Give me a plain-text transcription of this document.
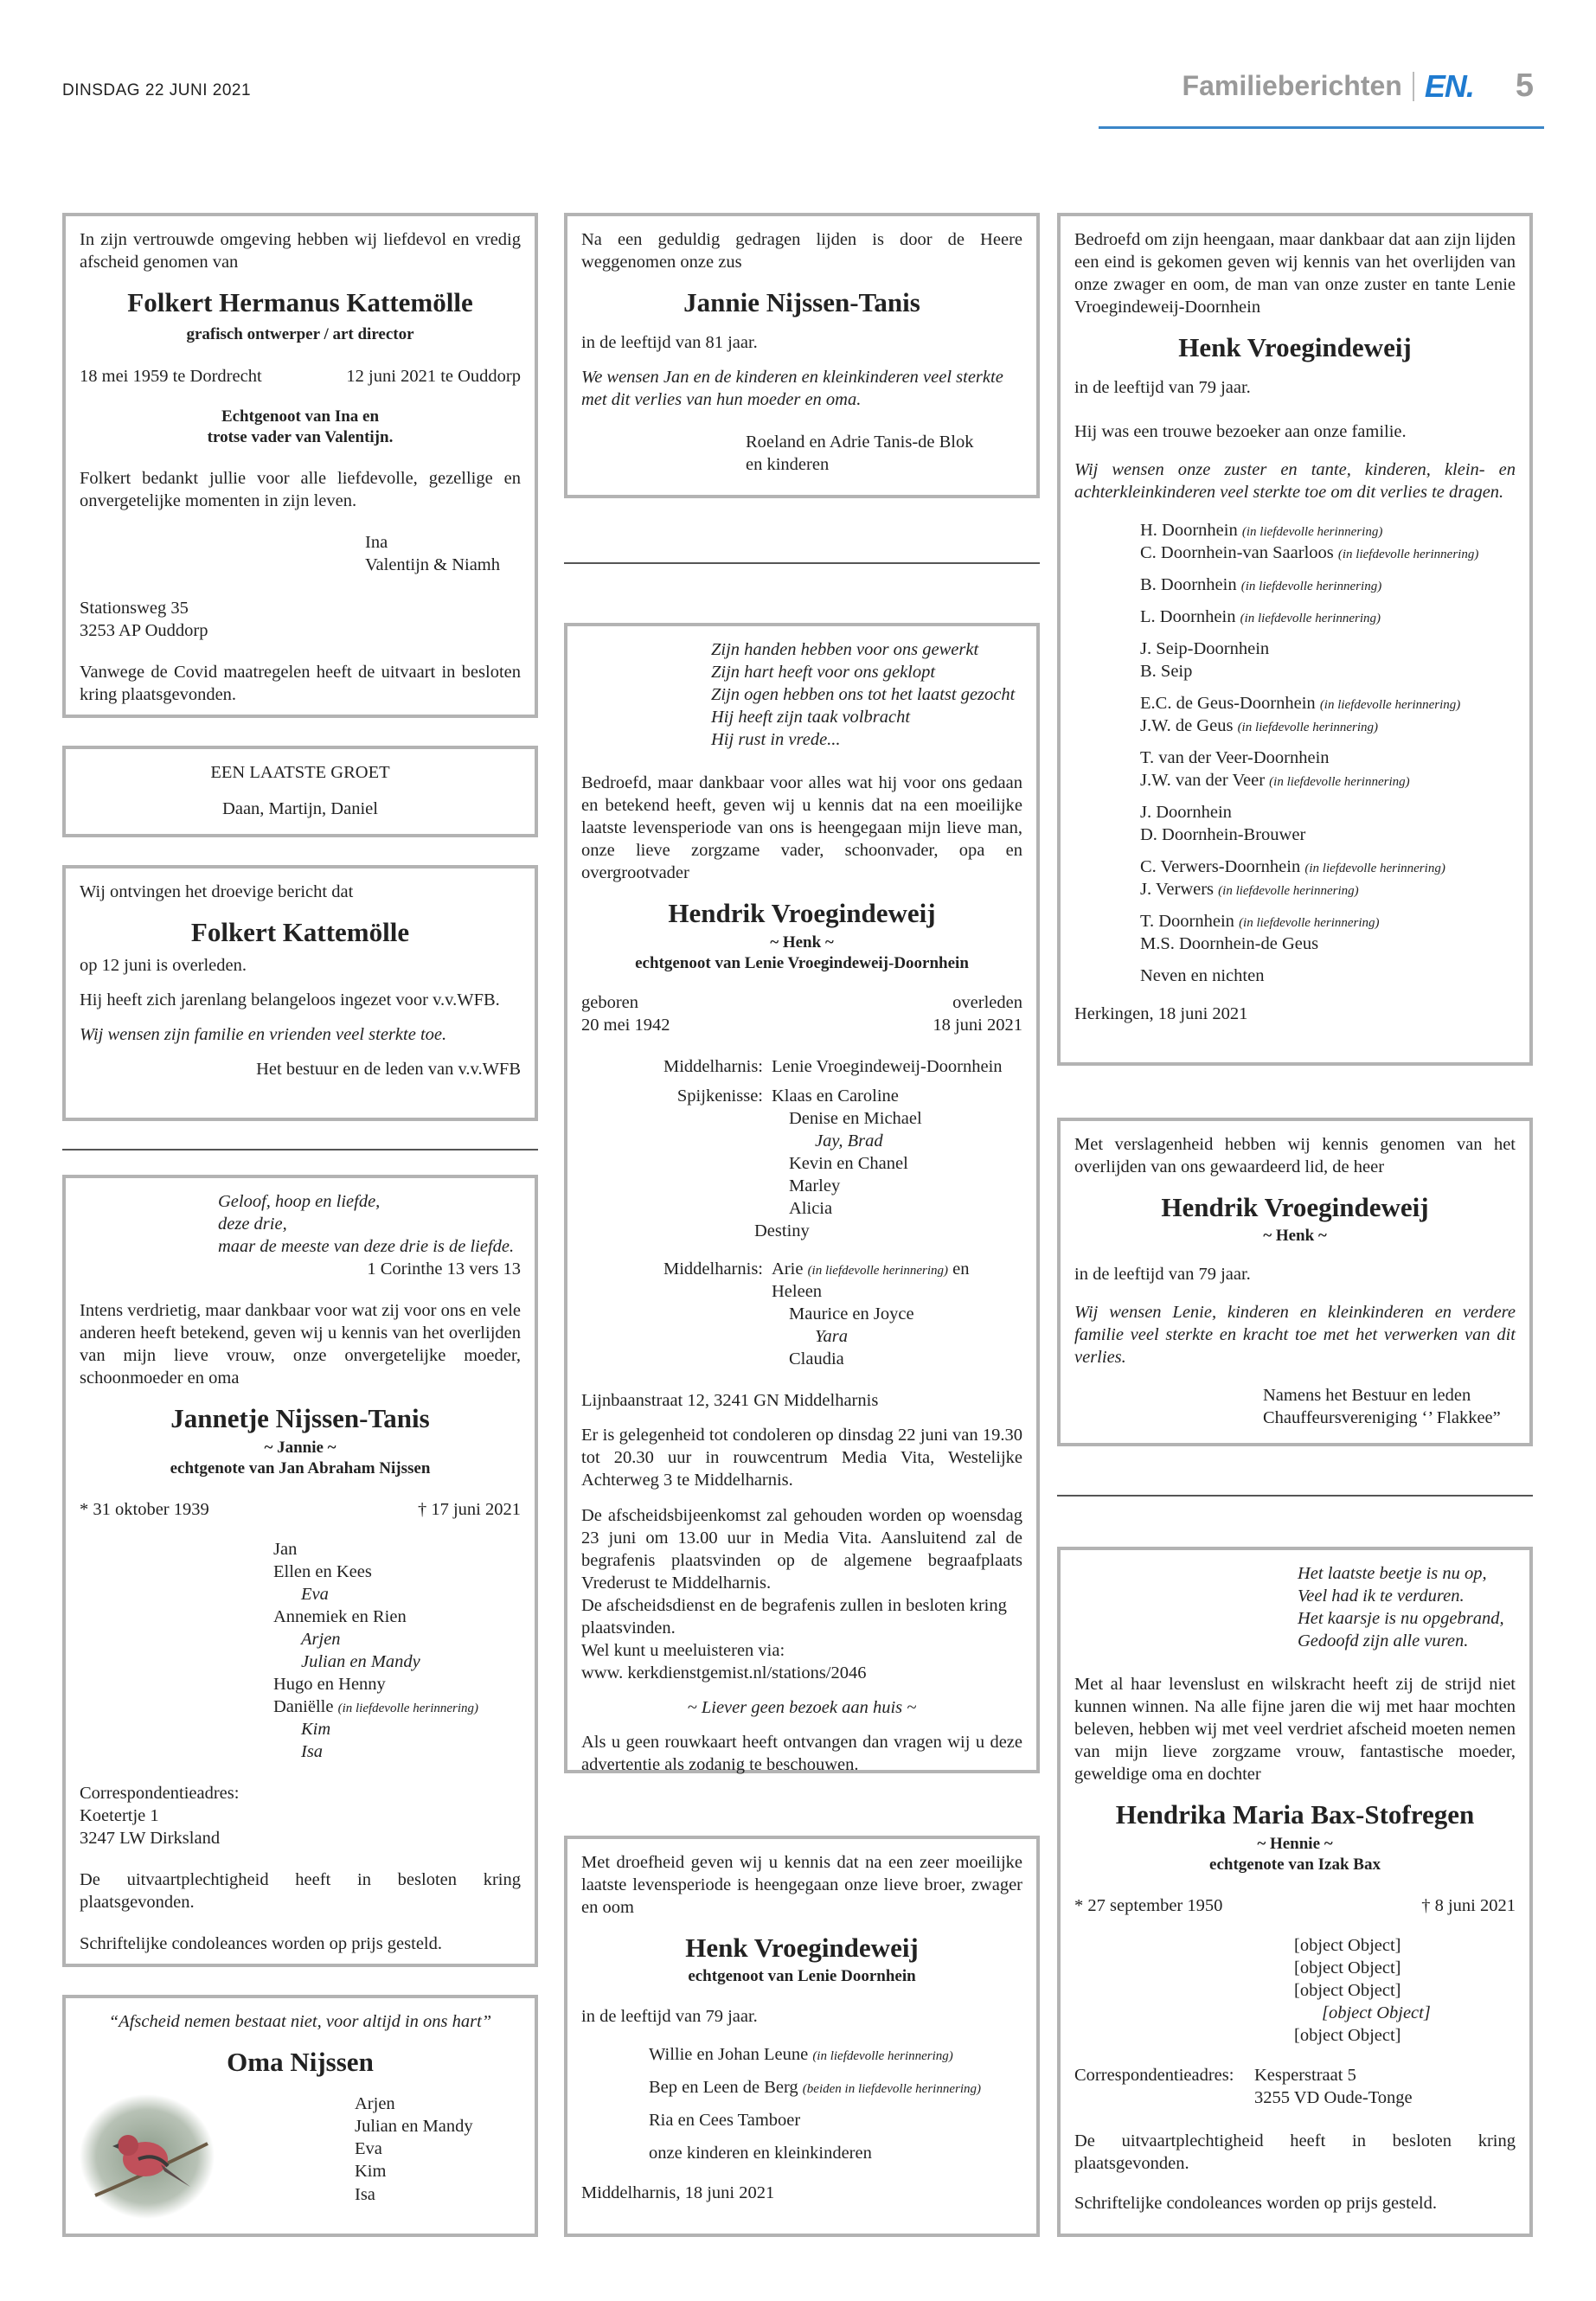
DINSDAG 22 JUNI 2021	Familieberichten EN. 5

In zijn vertrouwde omgeving hebben wij liefdevol en vredig afscheid genomen van

Folkert Hermanus Kattemölle
grafisch ontwerper / art director
18 mei 1959 te Dordrecht	12 juni 2021 te Ouddorp
Echtgenoot van Ina en
trotse vader van Valentijn.

Folkert bedankt jullie voor alle liefdevolle, gezellige en onvergetelijke momenten in zijn leven.

Ina
Valentijn & Niamh
Stationsweg 35
3253 AP Ouddorp

Vanwege de Covid maatregelen heeft de uitvaart in besloten kring plaatsgevonden.

EEN LAATSTE GROET
Daan, Martijn, Daniel

Wij ontvingen het droevige bericht dat

Folkert Kattemölle

op 12 juni is overleden.

Hij heeft zich jarenlang belangeloos ingezet voor v.v.WFB.

Wij wensen zijn familie en vrienden veel sterkte toe.

Het bestuur en de leden van v.v.WFB
Geloof, hoop en liefde,
deze drie,
maar de meeste van deze drie is de liefde.
1 Corinthe 13 vers 13

Intens verdrietig, maar dankbaar voor wat zij voor ons en vele anderen heeft betekend, geven wij u kennis van het overlijden van mijn lieve vrouw, onze onvergetelijke moeder, schoonmoeder en oma

Jannetje Nijssen-Tanis
~ Jannie ~
echtgenote van Jan Abraham Nijssen
* 31 oktober 1939	† 17 juni 2021
Jan
Ellen en Kees
Eva
Annemiek en Rien
Arjen
Julian en Mandy
Hugo en Henny
Daniëlle (in liefdevolle herinnering)
Kim
Isa
Correspondentieadres:
Koetertje 1
3247 LW Dirksland

De uitvaartplechtigheid heeft in besloten kring plaatsgevonden.

Schriftelijke condoleances worden op prijs gesteld.

“Afscheid nemen bestaat niet, voor altijd in ons hart”
Oma Nijssen
Arjen
Julian en Mandy
Eva
Kim
Isa

Na een geduldig gedragen lijden is door de Heere weggenomen onze zus

Jannie Nijssen-Tanis

in de leeftijd van 81 jaar.

We wensen Jan en de kinderen en kleinkinderen veel sterkte met dit verlies van hun moeder en oma.

Roeland en Adrie Tanis-de Blok
en kinderen
Zijn handen hebben voor ons gewerkt
Zijn hart heeft voor ons geklopt
Zijn ogen hebben ons tot het laatst gezocht
Hij heeft zijn taak volbracht
Hij rust in vrede...

Bedroefd, maar dankbaar voor alles wat hij voor ons gedaan en betekend heeft, geven wij u kennis dat na een moeilijke laatste levensperiode van ons is heengegaan mijn lieve man, onze lieve zorgzame vader, schoonvader, opa en overgrootvader

Hendrik Vroegindeweij
~ Henk ~
echtgenoot van Lenie Vroegindeweij-Doornhein
geboren	overleden
20 mei 1942	18 juni 2021
Middelharnis: Lenie Vroegindeweij-Doornhein
Spijkenisse: Klaas en Caroline
Denise en Michael
Jay, Brad
Kevin en Chanel
Marley
Alicia
Destiny
Middelharnis: Arie (in liefdevolle herinnering) en Heleen
Maurice en Joyce
Yara
Claudia

Lijnbaanstraat 12, 3241 GN Middelharnis

Er is gelegenheid tot condoleren op dinsdag 22 juni van 19.30 tot 20.30 uur in rouwcentrum Media Vita, Westelijke Achterweg 3 te Middelharnis.

De afscheidsbijeenkomst zal gehouden worden op woensdag 23 juni om 13.00 uur in Media Vita. Aansluitend zal de begrafenis plaatsvinden op de algemene begraafplaats Vrederust te Middelharnis.
De afscheidsdienst en de begrafenis zullen in besloten kring plaatsvinden.
Wel kunt u meeluisteren via:
www. kerkdienstgemist.nl/stations/2046

~ Liever geen bezoek aan huis ~

Als u geen rouwkaart heeft ontvangen dan vragen wij u deze advertentie als zodanig te beschouwen.

Met droefheid geven wij u kennis dat na een zeer moeilijke laatste levensperiode is heengegaan onze lieve broer, zwager en oom

Henk Vroegindeweij
echtgenoot van Lenie Doornhein

in de leeftijd van 79 jaar.

Willie en Johan Leune (in liefdevolle herinnering)
Bep en Leen de Berg (beiden in liefdevolle herinnering)
Ria en Cees Tamboer
onze kinderen en kleinkinderen
Middelharnis, 18 juni 2021

Bedroefd om zijn heengaan, maar dankbaar dat aan zijn lijden een eind is gekomen geven wij kennis van het overlijden van onze zwager en oom, de man van onze zuster en tante Lenie Vroegindeweij-Doornhein

Henk Vroegindeweij

in de leeftijd van 79 jaar.

Hij was een trouwe bezoeker aan onze familie.

Wij wensen onze zuster en tante, kinderen, klein- en achterkleinkinderen veel sterkte toe om dit verlies te dragen.

H. Doornhein (in liefdevolle herinnering)
C. Doornhein-van Saarloos (in liefdevolle herinnering)
B. Doornhein (in liefdevolle herinnering)
L. Doornhein (in liefdevolle herinnering)
J. Seip-Doornhein
B. Seip
E.C. de Geus-Doornhein (in liefdevolle herinnering)
J.W. de Geus (in liefdevolle herinnering)
T. van der Veer-Doornhein
J.W. van der Veer (in liefdevolle herinnering)
J. Doornhein
D. Doornhein-Brouwer
C. Verwers-Doornhein (in liefdevolle herinnering)
J. Verwers (in liefdevolle herinnering)
T. Doornhein (in liefdevolle herinnering)
M.S. Doornhein-de Geus
Neven en nichten
Herkingen, 18 juni 2021

Met verslagenheid hebben wij kennis genomen van het overlijden van ons gewaardeerd lid, de heer

Hendrik Vroegindeweij
~ Henk ~

in de leeftijd van 79 jaar.

Wij wensen Lenie, kinderen en kleinkinderen en verdere familie veel sterkte en kracht toe met het verwerken van dit verlies.

Namens het Bestuur en leden
Chauffeursvereniging ‘’ Flakkee”
Het laatste beetje is nu op,
Veel had ik te verduren.
Het kaarsje is nu opgebrand,
Gedoofd zijn alle vuren.

Met al haar levenslust en wilskracht heeft zij de strijd niet kunnen winnen. Na alle fijne jaren die wij met haar mochten beleven, hebben wij met veel verdriet afscheid moeten nemen van mijn lieve zorgzame vrouw, fantastische moeder, geweldige oma en dochter

Hendrika Maria Bax-Stofregen
~ Hennie ~
echtgenote van Izak Bax
* 27 september 1950	† 8 juni 2021
[object Object]
[object Object]
[object Object]
[object Object]
[object Object]
Correspondentieadres:	Kesperstraat 5
3255 VD Oude-Tonge

De uitvaartplechtigheid heeft in besloten kring plaatsgevonden.

Schriftelijke condoleances worden op prijs gesteld.
